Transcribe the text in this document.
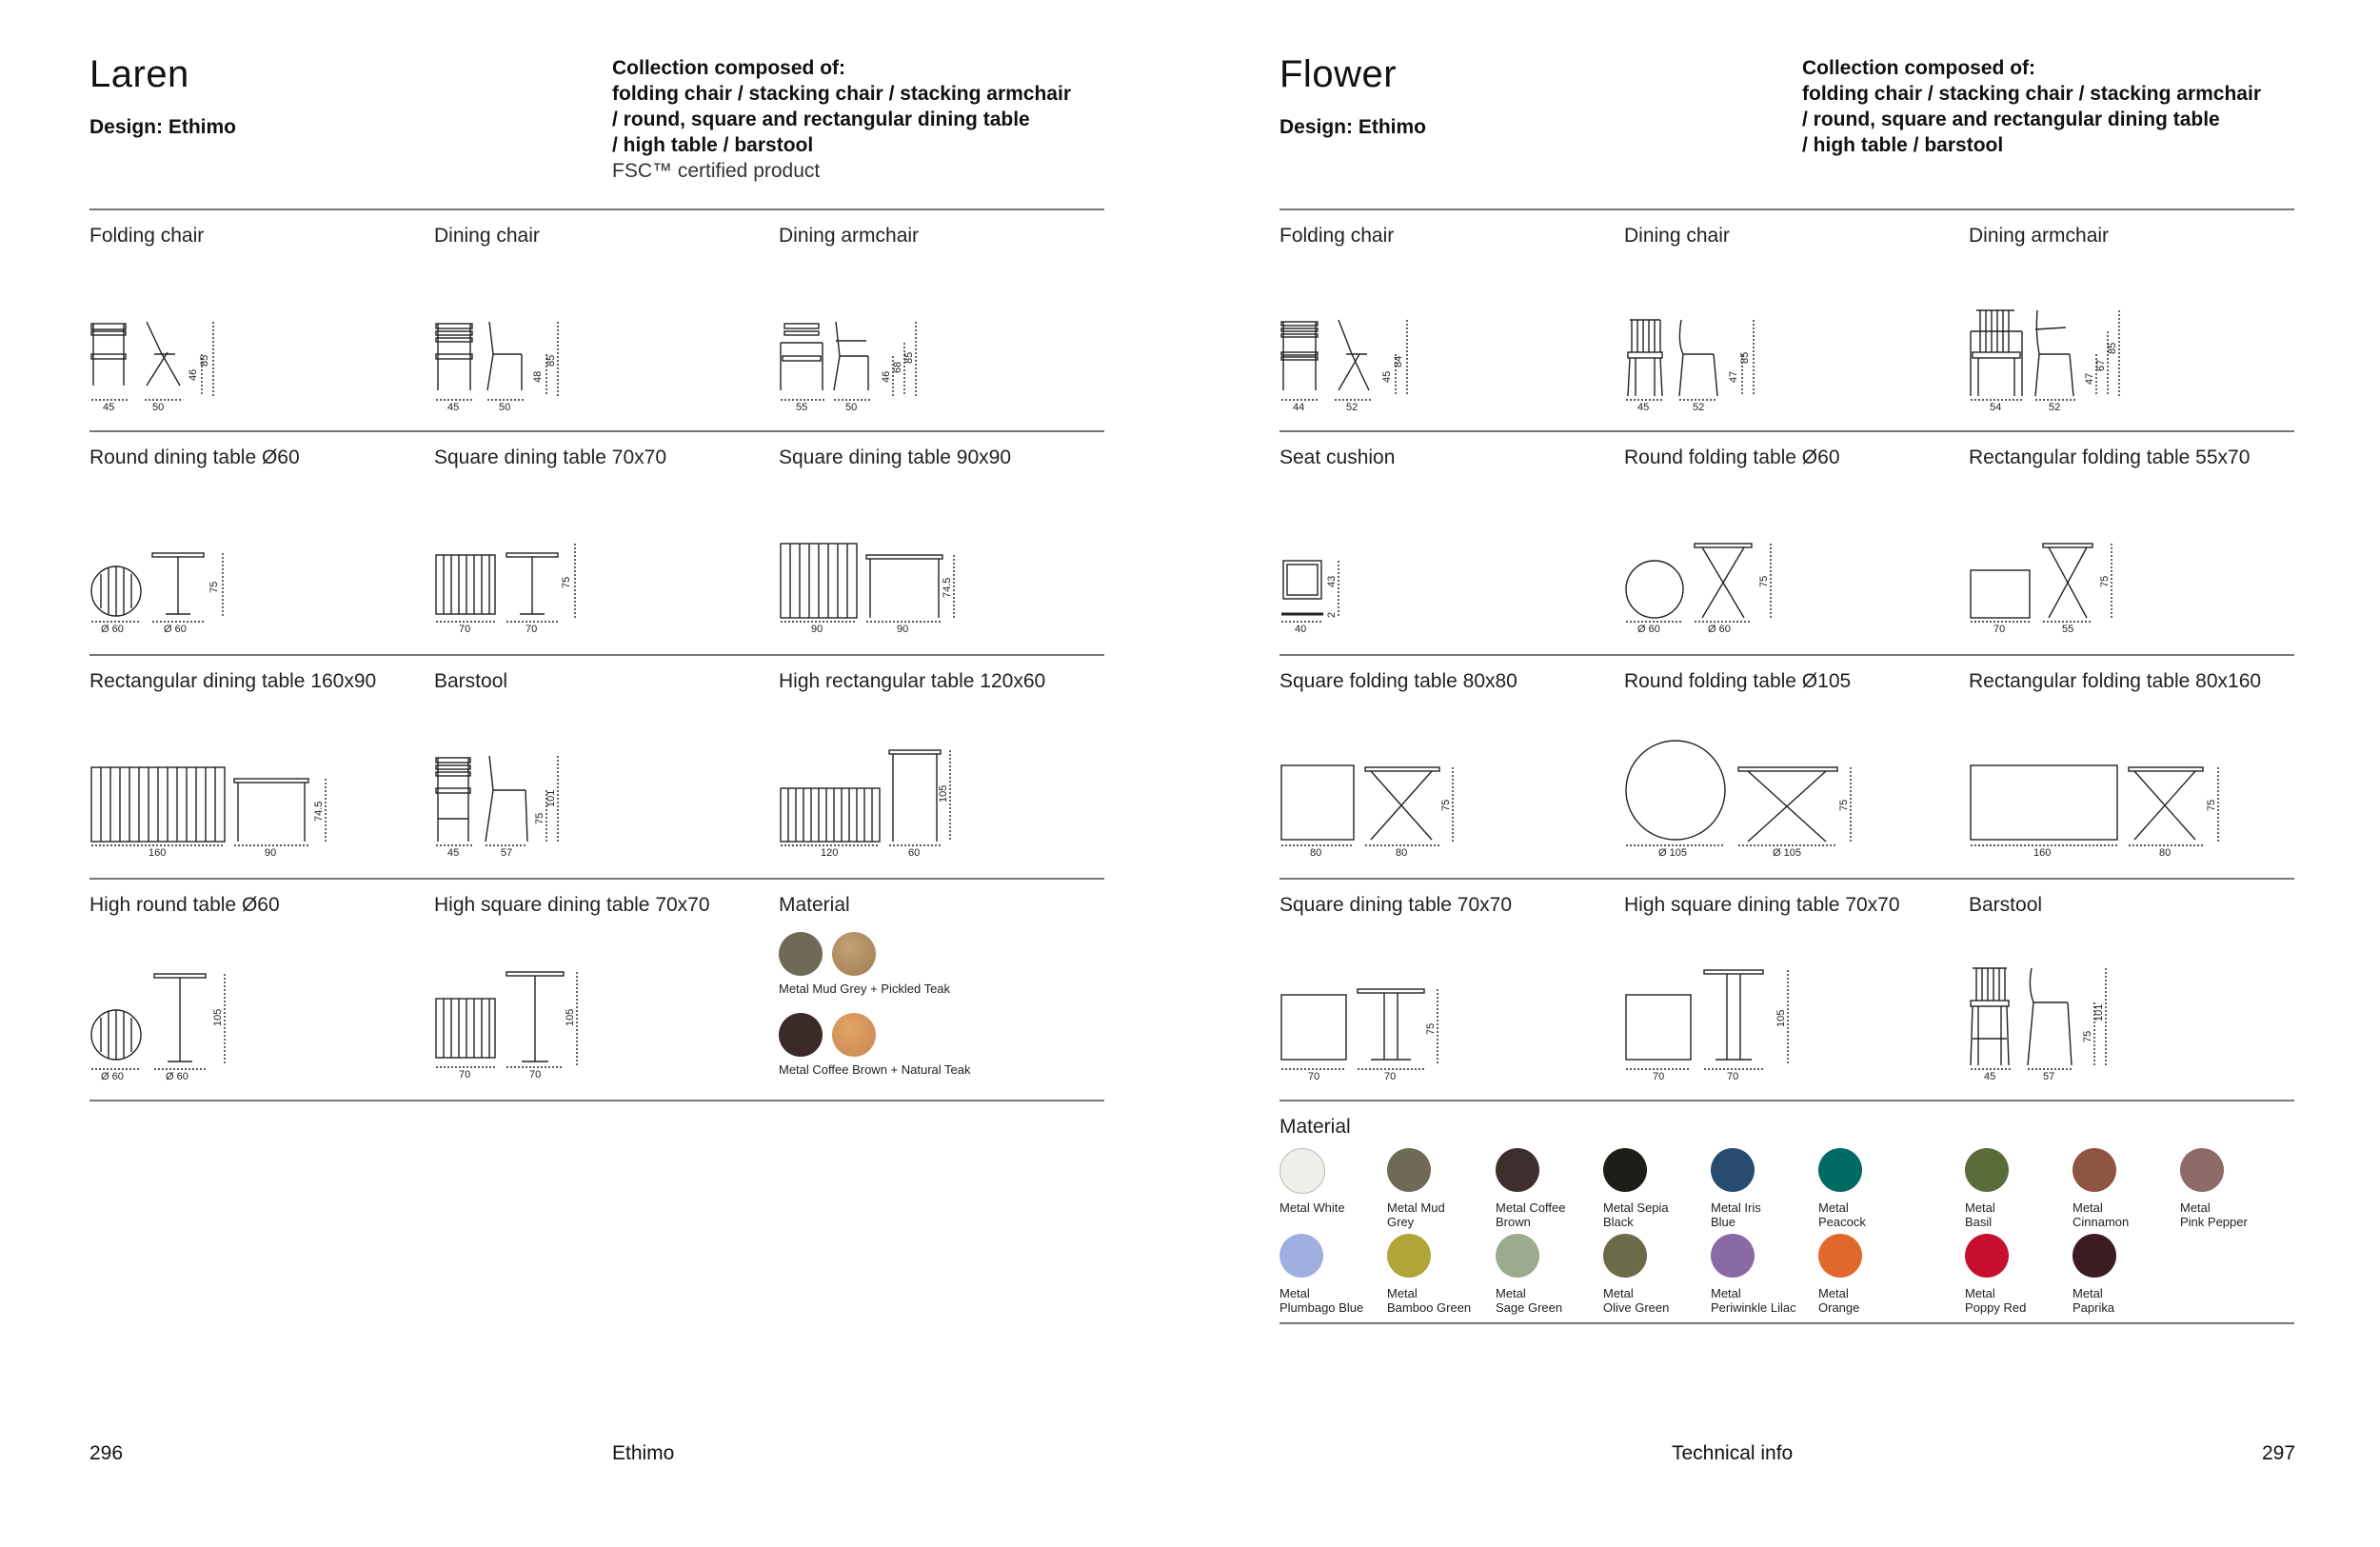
Laren
Design: Ethimo
Collection composed of:
folding chair / stacking chair / stacking armchair
/ round, square and rectangular dining table
/ high table / barstool
FSC™ certified product
Folding chair
45	50
46
85
Dining chair
45	50
48
85
Dining armchair
55	50
46
68
85
Round dining table Ø60
Ø 60	Ø 60
75
Square dining table 70x70
70	70
75
Square dining table 90x90
90	90
74.5
Rectangular dining table 160x90
160	90
74.5
Barstool
45	57
75
101
High rectangular table 120x60
120	60
105
High round table Ø60
Ø 60	Ø 60
105
High square dining table 70x70
70	70
105
Material
Metal Mud Grey + Pickled Teak
Metal Coffee Brown + Natural Teak
296	Ethimo
Flower
Design: Ethimo
Collection composed of:
folding chair / stacking chair / stacking armchair
/ round, square and rectangular dining table
/ high table / barstool
Folding chair
44	52
45
84
Dining chair
45	52
47
85
Dining armchair
54	52
47
67
85
Seat cushion
40
43
2
Round folding table Ø60
Ø 60	Ø 60
75
Rectangular folding table 55x70
70	55
75
Square folding table 80x80
80	80
75
Round folding table Ø105
Ø 105	Ø 105
75
Rectangular folding table 80x160
160	80
75
Square dining table 70x70
70	70
75
High square dining table 70x70
70	70
105
Barstool
45	57
75
101
Material
Metal White	Metal Mud
Grey
Metal Coffee
Brown
Metal Sepia
Black
Metal Iris
Blue
Metal
Peacock
Metal
Basil
Metal
Cinnamon
Metal
Pink Pepper
Metal
Plumbago Blue
Metal
Bamboo Green
Metal
Sage Green
Metal
Olive Green
Metal
Periwinkle Lilac
Metal
Orange
Metal
Poppy Red
Metal
Paprika
Technical info	297
